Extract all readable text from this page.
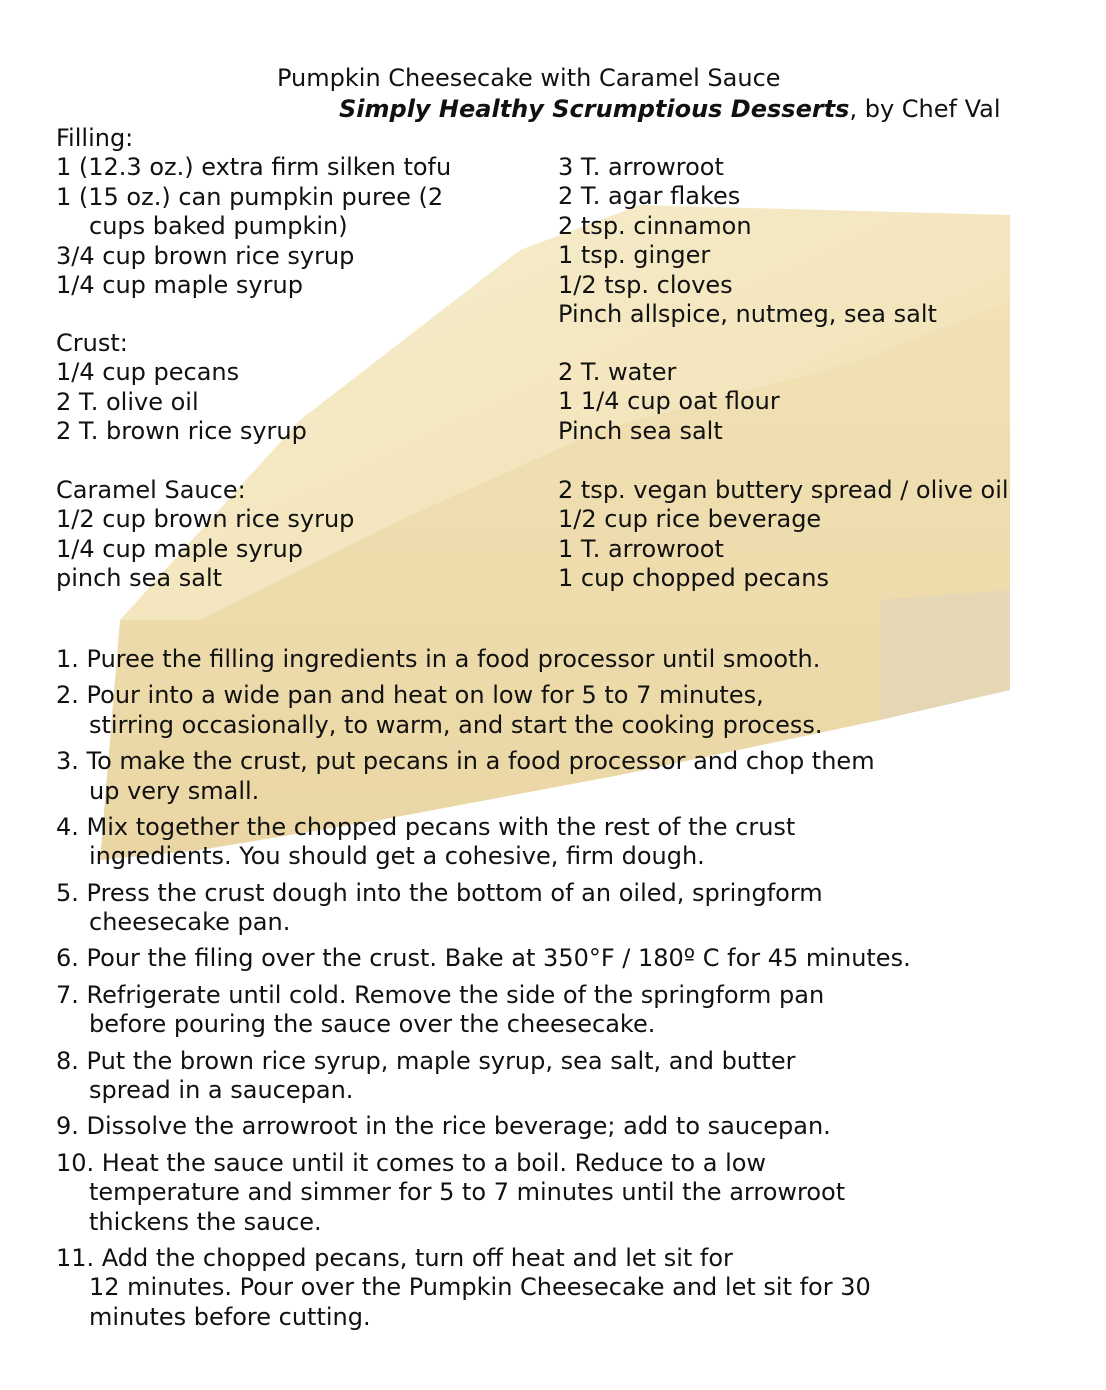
Pumpkin Cheesecake with Caramel Sauce
Simply Healthy Scrumptious Desserts, by Chef Val
Filling:
1 (12.3 oz.) extra firm silken tofu
1 (15 oz.) can pumpkin puree (2
cups baked pumpkin)
3/4 cup brown rice syrup
1/4 cup maple syrup
3 T. arrowroot
2 T. agar flakes
2 tsp. cinnamon
1 tsp. ginger
1/2 tsp. cloves
Pinch allspice, nutmeg, sea salt
Crust:
1/4 cup pecans
2 T. olive oil
2 T. brown rice syrup
2 T. water
1 1/4 cup oat flour
Pinch sea salt
Caramel Sauce:
1/2 cup brown rice syrup
1/4 cup maple syrup
pinch sea salt
2 tsp. vegan buttery spread / olive oil
1/2 cup rice beverage
1 T. arrowroot
1 cup chopped pecans
1. Puree the filling ingredients in a food processor until smooth.
2. Pour into a wide pan and heat on low for 5 to 7 minutes,
stirring occasionally, to warm, and start the cooking process.
3. To make the crust, put pecans in a food processor and chop them
up very small.
4. Mix together the chopped pecans with the rest of the crust
ingredients. You should get a cohesive, firm dough.
5. Press the crust dough into the bottom of an oiled, springform
cheesecake pan.
6. Pour the filing over the crust. Bake at 350°F / 180º C for 45 minutes.
7. Refrigerate until cold. Remove the side of the springform pan
before pouring the sauce over the cheesecake.
8. Put the brown rice syrup, maple syrup, sea salt, and butter
spread in a saucepan.
9. Dissolve the arrowroot in the rice beverage; add to saucepan.
10. Heat the sauce until it comes to a boil. Reduce to a low
temperature and simmer for 5 to 7 minutes until the arrowroot
thickens the sauce.
11. Add the chopped pecans, turn off heat and let sit for
12 minutes. Pour over the Pumpkin Cheesecake and let sit for 30
minutes before cutting.
